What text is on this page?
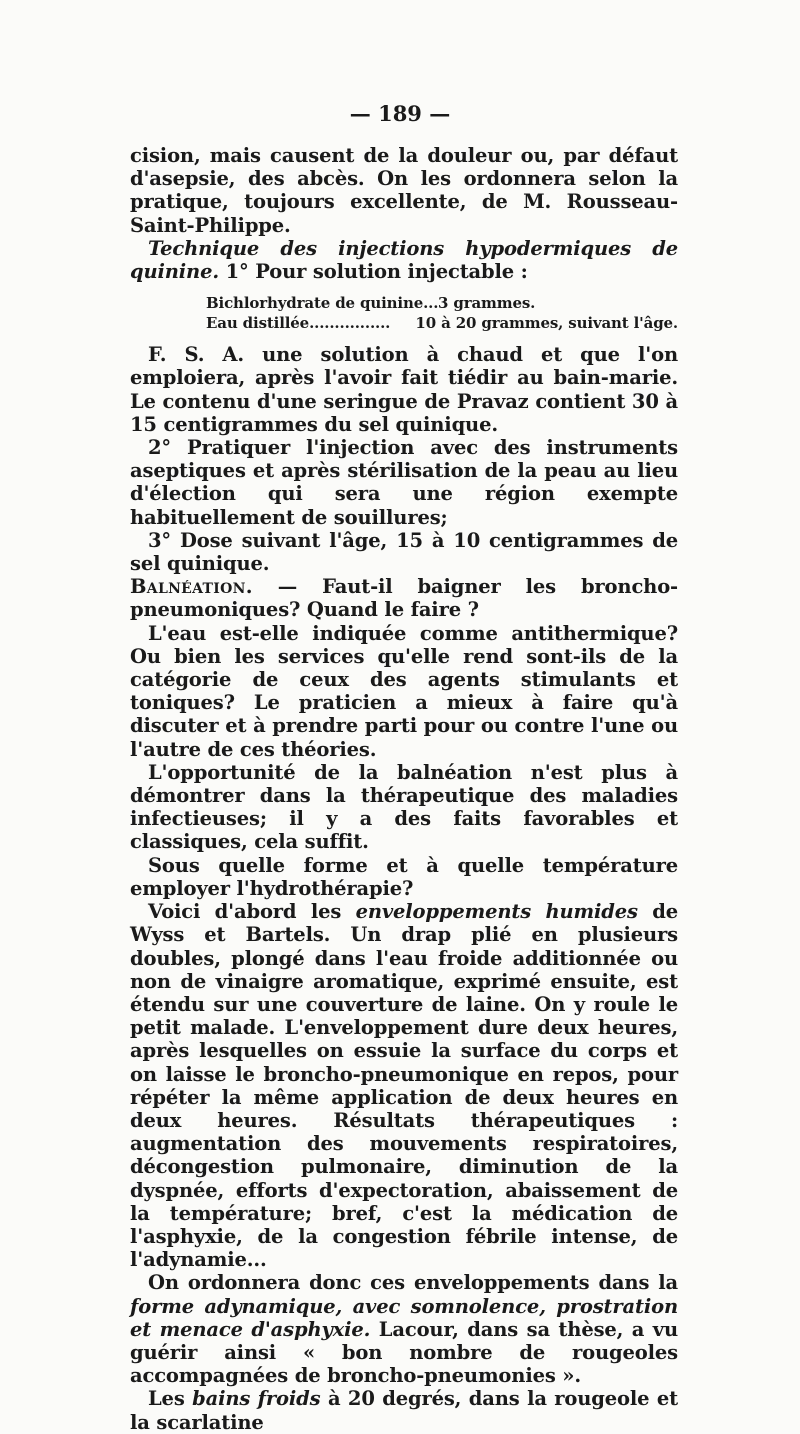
— 189 —

cision, mais causent de la douleur ou, par défaut d'asepsie, des abcès. On les ordonnera selon la pratique, toujours excellente, de M. Rousseau-Saint-Philippe.

Technique des injections hypodermiques de quinine. 1° Pour solution injectable :

Bichlorhydrate de quinine... 3 grammes.
Eau distillée................	10 à 20 grammes, suivant l'âge.

F. S. A. une solution à chaud et que l'on emploiera, après l'avoir fait tiédir au bain-marie. Le contenu d'une seringue de Pravaz contient 30 à 15 centigrammes du sel quinique.

2° Pratiquer l'injection avec des instruments aseptiques et après stérilisation de la peau au lieu d'élection qui sera une région exempte habituellement de souillures;

3° Dose suivant l'âge, 15 à 10 centigrammes de sel quinique.

Balnéation. — Faut-il baigner les broncho-pneumoniques? Quand le faire ?

L'eau est-elle indiquée comme antithermique? Ou bien les services qu'elle rend sont-ils de la catégorie de ceux des agents stimulants et toniques? Le praticien a mieux à faire qu'à discuter et à prendre parti pour ou contre l'une ou l'autre de ces théories.

L'opportunité de la balnéation n'est plus à démontrer dans la thérapeutique des maladies infectieuses; il y a des faits favorables et classiques, cela suffit.

Sous quelle forme et à quelle température employer l'hydrothérapie?

Voici d'abord les enveloppements humides de Wyss et Bartels. Un drap plié en plusieurs doubles, plongé dans l'eau froide additionnée ou non de vinaigre aromatique, exprimé ensuite, est étendu sur une couverture de laine. On y roule le petit malade. L'enveloppement dure deux heures, après lesquelles on essuie la surface du corps et on laisse le broncho-pneumonique en repos, pour répéter la même application de deux heures en deux heures. Résultats thérapeutiques : augmentation des mouvements respiratoires, décongestion pulmonaire, diminution de la dyspnée, efforts d'expectoration, abaissement de la température; bref, c'est la médication de l'asphyxie, de la congestion fébrile intense, de l'adynamie...

On ordonnera donc ces enveloppements dans la forme adynamique, avec somnolence, prostration et menace d'asphyxie. Lacour, dans sa thèse, a vu guérir ainsi « bon nombre de rougeoles accompagnées de broncho-pneumonies ».

Les bains froids à 20 degrés, dans la rougeole et la scarlatine
